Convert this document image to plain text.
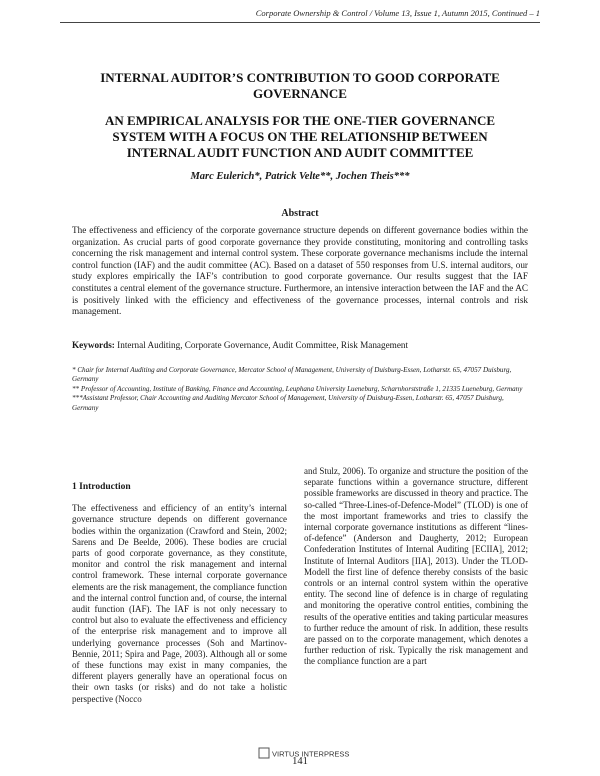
Corporate Ownership & Control / Volume 13, Issue 1, Autumn 2015, Continued – 1
INTERNAL AUDITOR’S CONTRIBUTION TO GOOD CORPORATE GOVERNANCE
AN EMPIRICAL ANALYSIS FOR THE ONE-TIER GOVERNANCE SYSTEM WITH A FOCUS ON THE RELATIONSHIP BETWEEN INTERNAL AUDIT FUNCTION AND AUDIT COMMITTEE
Marc Eulerich*, Patrick Velte**, Jochen Theis***
Abstract
The effectiveness and efficiency of the corporate governance structure depends on different governance bodies within the organization. As crucial parts of good corporate governance they provide constituting, monitoring and controlling tasks concerning the risk management and internal control system. These corporate governance mechanisms include the internal control function (IAF) and the audit committee (AC). Based on a dataset of 550 responses from U.S. internal auditors, our study explores empirically the IAF’s contribution to good corporate governance. Our results suggest that the IAF constitutes a central element of the governance structure. Furthermore, an intensive interaction between the IAF and the AC is positively linked with the efficiency and effectiveness of the governance processes, internal controls and risk management.
Keywords: Internal Auditing, Corporate Governance, Audit Committee, Risk Management

* Chair for Internal Auditing and Corporate Governance, Mercator School of Management, University of Duisburg-Essen, Lotharstr. 65, 47057 Duisburg, Germany

** Professor of Accounting, Institute of Banking, Finance and Accounting, Leuphana University Lueneburg, Scharnhorststraße 1, 21335 Lueneburg, Germany

***Assistant Professor, Chair Accounting and Auditing Mercator School of Management, University of Duisburg-Essen, Lotharstr. 65, 47057 Duisburg, Germany

1 Introduction

The effectiveness and efficiency of an entity’s internal governance structure depends on different governance bodies within the organization (Crawford and Stein, 2002; Sarens and De Beelde, 2006). These bodies are crucial parts of good corporate governance, as they constitute, monitor and control the risk management and internal control framework. These internal corporate governance elements are the risk management, the compliance function and the internal control function and, of course, the internal audit function (IAF). The IAF is not only necessary to control but also to evaluate the effectiveness and efficiency of the enterprise risk management and to improve all underlying governance processes (Soh and Martinov-Bennie, 2011; Spira and Page, 2003). Although all or some of these functions may exist in many companies, the different players generally have an operational focus on their own tasks (or risks) and do not take a holistic perspective (Nocco

and Stulz, 2006). To organize and structure the position of the separate functions within a governance structure, different possible frameworks are discussed in theory and practice. The so-called “Three-Lines-of-Defence-Model” (TLOD) is one of the most important frameworks and tries to classify the internal corporate governance institutions as different “lines-of-defence” (Anderson and Daugherty, 2012; European Confederation Institutes of Internal Auditing [ECIIA], 2012; Institute of Internal Auditors [IIA], 2013). Under the TLOD-Modell the first line of defence thereby consists of the basic controls or an internal control system within the operative entity. The second line of defence is in charge of regulating and monitoring the operative control entities, combining the results of the operative entities and taking particular measures to further reduce the amount of risk. In addition, these results are passed on to the corporate management, which denotes a further reduction of risk. Typically the risk management and the compliance function are a part

VIRTUS INTERPRESS
141
